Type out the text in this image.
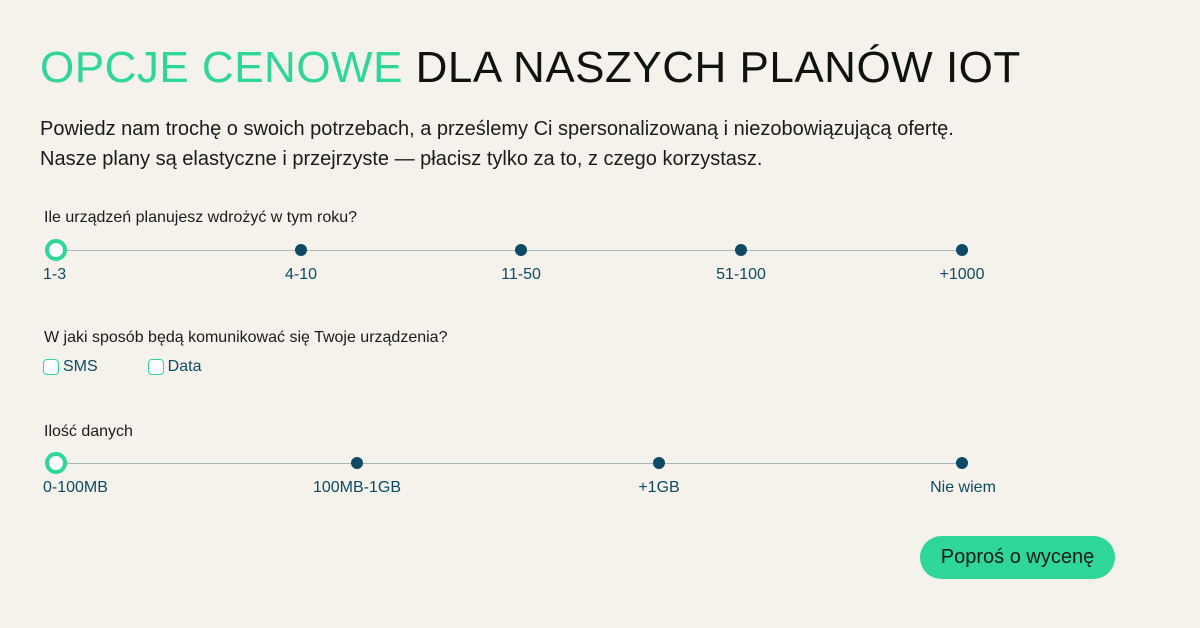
OPCJE CENOWE DLA NASZYCH PLANÓW IOT

Powiedz nam trochę o swoich potrzebach, a prześlemy Ci spersonalizowaną i niezobowiązującą ofertę.

Nasze plany są elastyczne i przejrzyste — płacisz tylko za to, z czego korzystasz.

Ile urządzeń planujesz wdrożyć w tym roku?
1-3	4-10	11-50	51-100	+1000
W jaki sposób będą komunikować się Twoje urządzenia?
SMS	Data
Ilość danych
0-100MB	100MB-1GB	+1GB	Nie wiem
Poproś o wycenę
